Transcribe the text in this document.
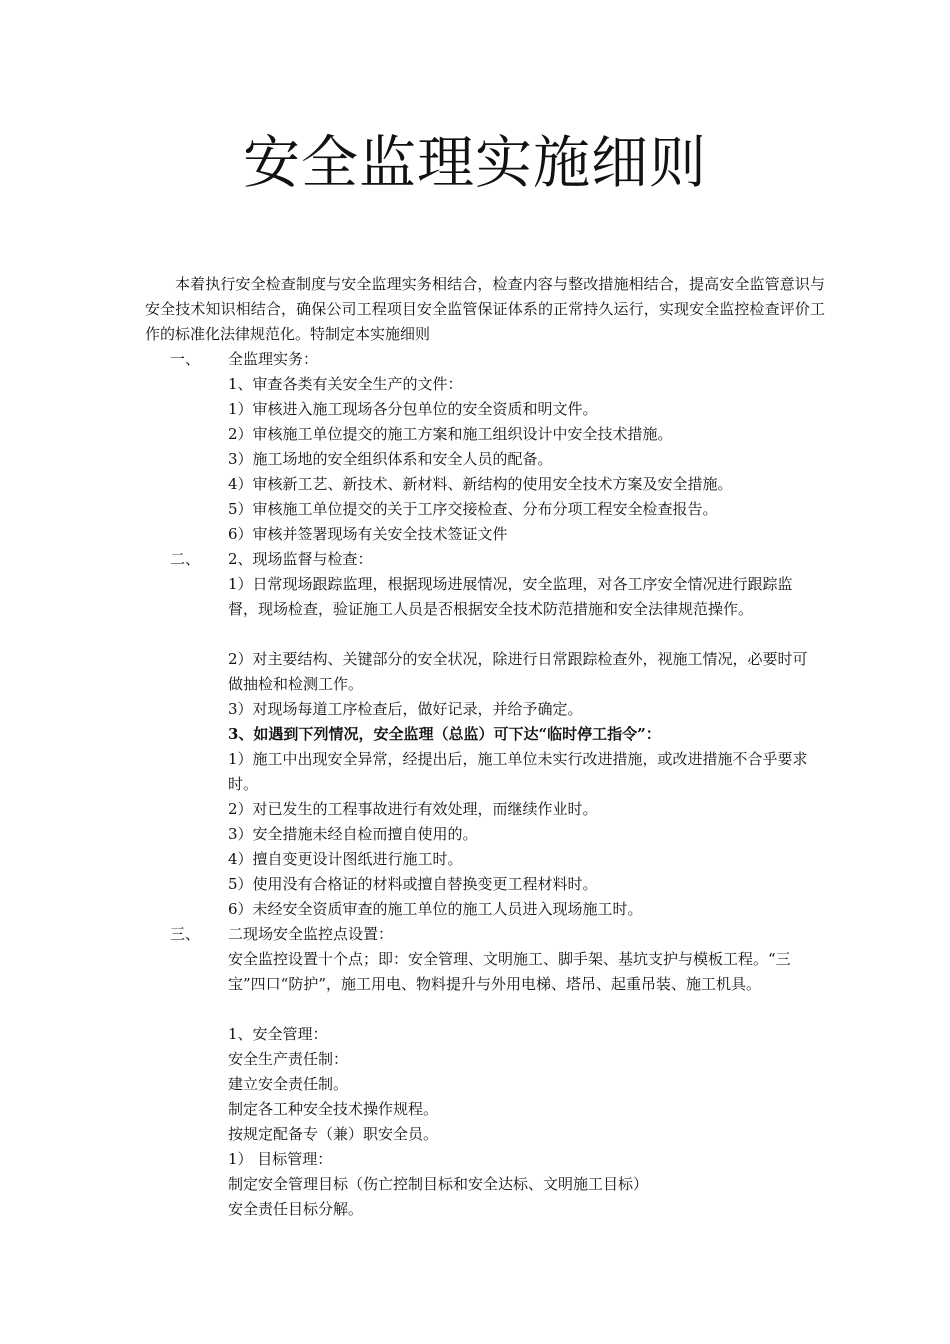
安全监理实施细则
本着执行安全检查制度与安全监理实务相结合，检查内容与整改措施相结合，提高安全监管意识与安全技术知识相结合，确保公司工程项目安全监管保证体系的正常持久运行，实现安全监控检查评价工作的标准化法律规范化。特制定本实施细则
一、 全监理实务：
1、审查各类有关安全生产的文件：
1）审核进入施工现场各分包单位的安全资质和明文件。
2）审核施工单位提交的施工方案和施工组织设计中安全技术措施。
3）施工场地的安全组织体系和安全人员的配备。
4）审核新工艺、新技术、新材料、新结构的使用安全技术方案及安全措施。
5）审核施工单位提交的关于工序交接检查、分布分项工程安全检查报告。
6）审核并签署现场有关安全技术签证文件
二、 2、现场监督与检查：
1）日常现场跟踪监理，根据现场进展情况，安全监理，对各工序安全情况进行跟踪监督，现场检查，验证施工人员是否根据安全技术防范措施和安全法律规范操作。
2）对主要结构、关键部分的安全状况，除进行日常跟踪检查外，视施工情况，必要时可做抽检和检测工作。
3）对现场每道工序检查后，做好记录，并给予确定。
3、如遇到下列情况，安全监理（总监）可下达“临时停工指令”：
1）施工中出现安全异常，经提出后，施工单位未实行改进措施，或改进措施不合乎要求时。
2）对已发生的工程事故进行有效处理，而继续作业时。
3）安全措施未经自检而擅自使用的。
4）擅自变更设计图纸进行施工时。
5）使用没有合格证的材料或擅自替换变更工程材料时。
6）未经安全资质审查的施工单位的施工人员进入现场施工时。
三、 二现场安全监控点设置：
安全监控设置十个点；即：安全管理、文明施工、脚手架、基坑支护与模板工程。“三宝”四口“防护”，施工用电、物料提升与外用电梯、塔吊、起重吊装、施工机具。
1、安全管理：
安全生产责任制：
建立安全责任制。
制定各工种安全技术操作规程。
按规定配备专（兼）职安全员。
1） 目标管理：
制定安全管理目标（伤亡控制目标和安全达标、文明施工目标）
安全责任目标分解。
